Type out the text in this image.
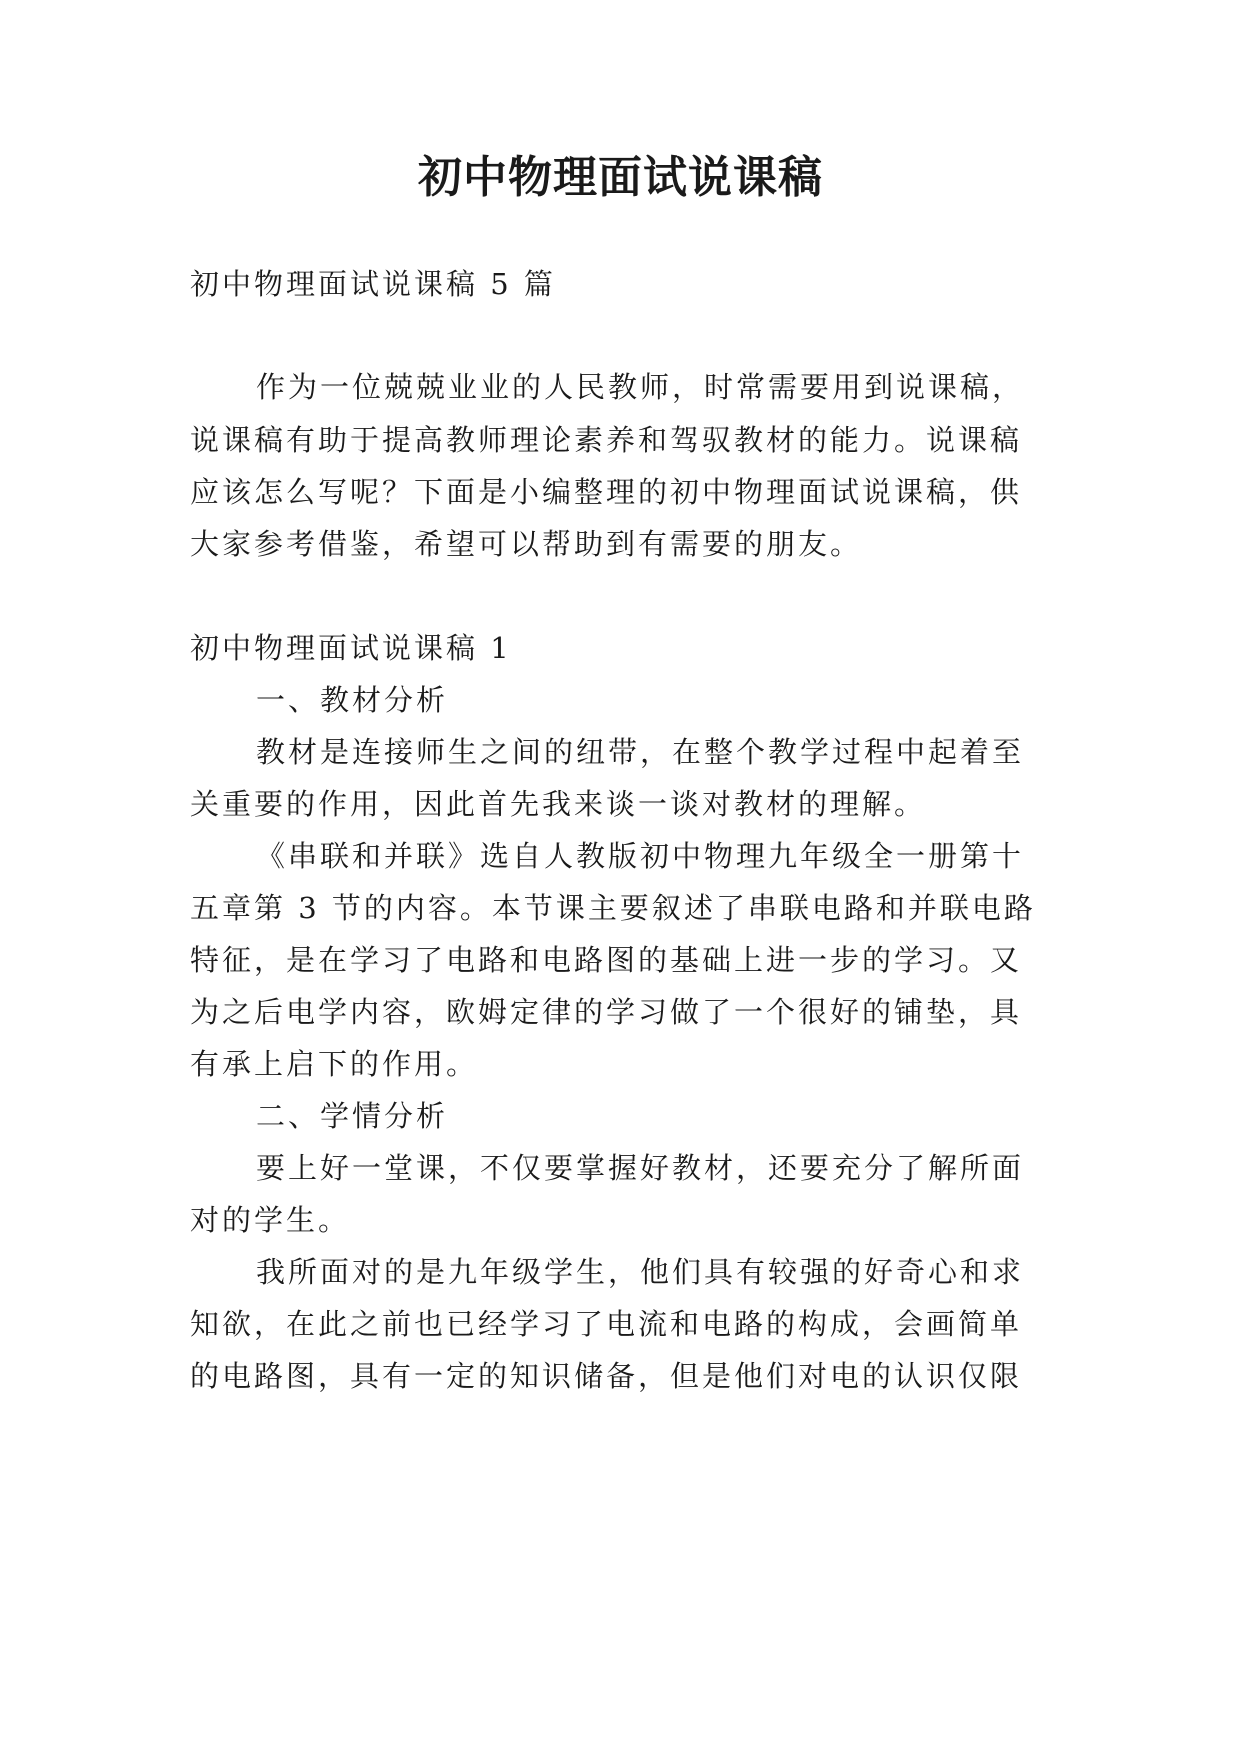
初中物理面试说课稿

初中物理面试说课稿 5 篇

作为一位兢兢业业的人民教师，时常需要用到说课稿，

说课稿有助于提高教师理论素养和驾驭教材的能力。说课稿

应该怎么写呢？下面是小编整理的初中物理面试说课稿，供

大家参考借鉴，希望可以帮助到有需要的朋友。

初中物理面试说课稿 1

一、教材分析

教材是连接师生之间的纽带，在整个教学过程中起着至

关重要的作用，因此首先我来谈一谈对教材的理解。

《串联和并联》选自人教版初中物理九年级全一册第十

五章第 3 节的内容。本节课主要叙述了串联电路和并联电路

特征，是在学习了电路和电路图的基础上进一步的学习。又

为之后电学内容，欧姆定律的学习做了一个很好的铺垫，具

有承上启下的作用。

二、学情分析

要上好一堂课，不仅要掌握好教材，还要充分了解所面

对的学生。

我所面对的是九年级学生，他们具有较强的好奇心和求

知欲，在此之前也已经学习了电流和电路的构成，会画简单

的电路图，具有一定的知识储备，但是他们对电的认识仅限
